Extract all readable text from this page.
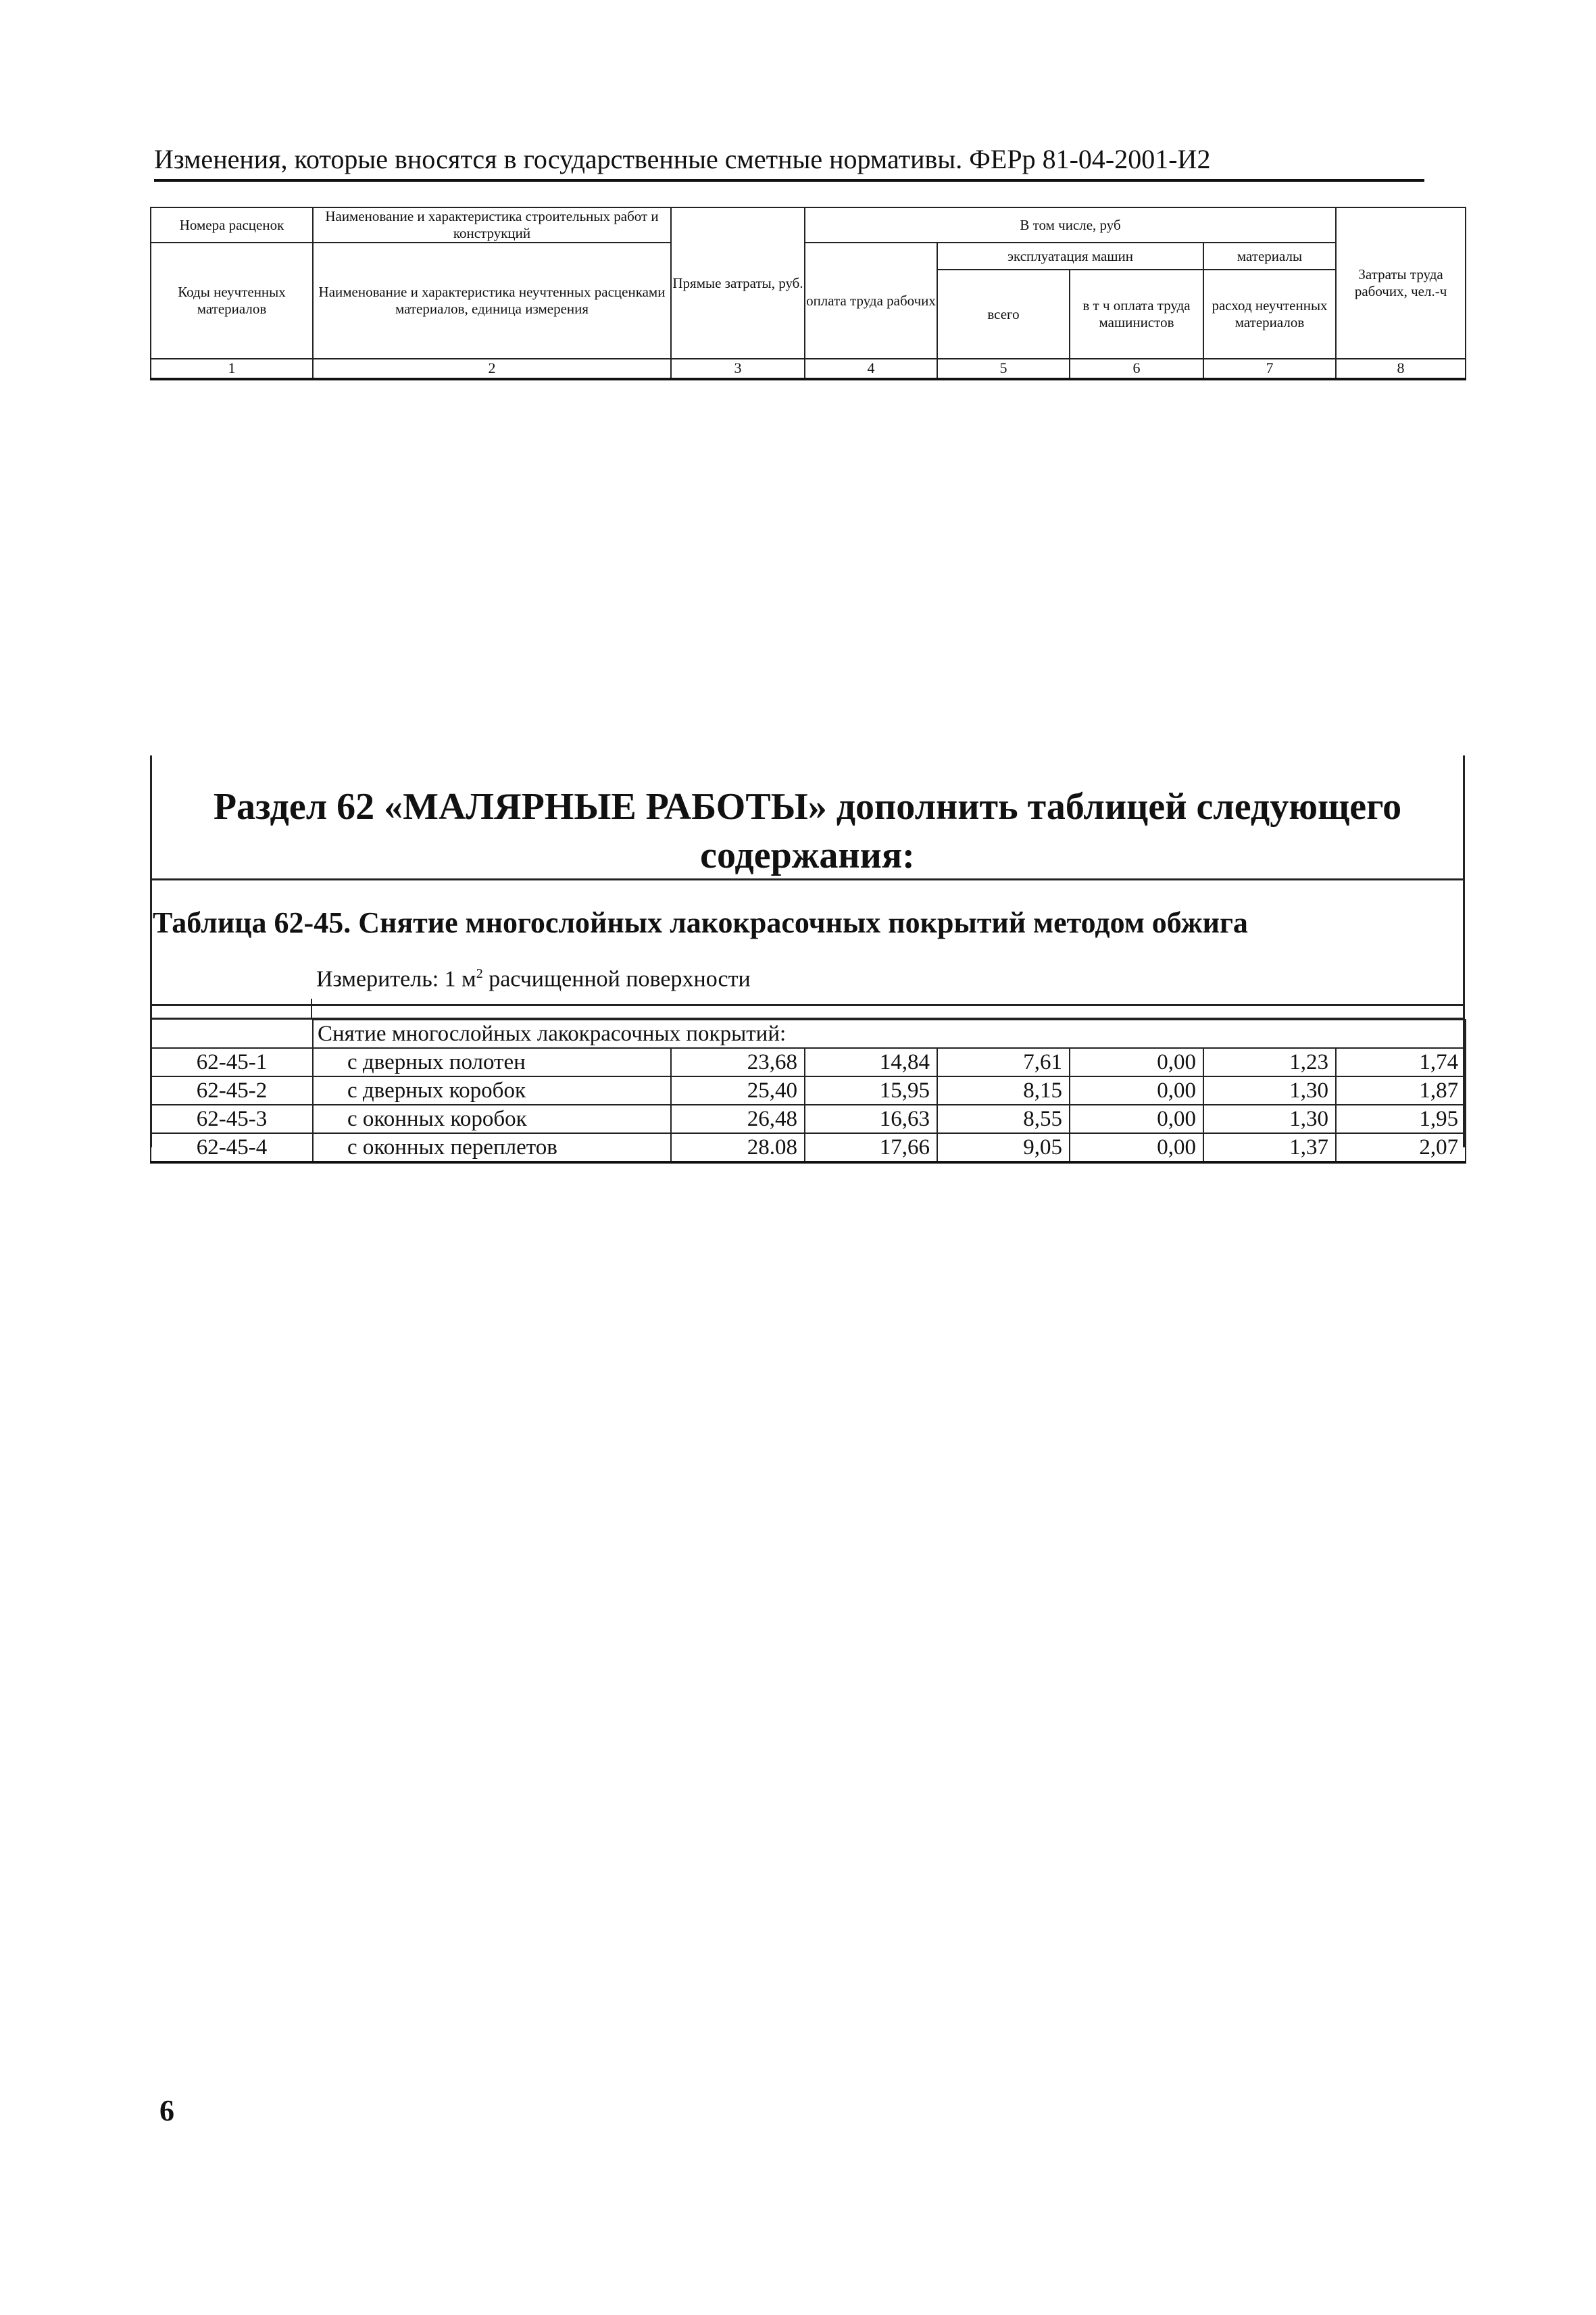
Изменения, которые вносятся в государственные сметные нормативы. ФЕРр 81-04-2001-И2
Номера расценок	Наименование и характеристика строительных работ и конструкций	Прямые затраты, руб.	В том числе, руб				Затраты труда рабочих, чел.-ч
Коды неучтенных материалов	Наименование и характеристика неучтенных расценками материалов, единица измерения		оплата труда рабочих	эксплуатация машин		материалы	
				всего	в т ч оплата труда машинистов	расход неучтенных материалов	
1	2	3	4	5	6	7	8
Раздел 62 «МАЛЯРНЫЕ РАБОТЫ» дополнить таблицей следующего содержания:
Таблица 62-45. Снятие многослойных лакокрасочных покрытий методом обжига
Измеритель: 1 $м^2$ расчищенной поверхности
	Снятие многослойных лакокрасочных покрытий:						
62-45-1	с дверных полотен	23,68	14,84	7,61	0,00	1,23	1,74
62-45-2	с дверных коробок	25,40	15,95	8,15	0,00	1,30	1,87
62-45-3	с оконных коробок	26,48	16,63	8,55	0,00	1,30	1,95
62-45-4	с оконных переплетов	28.08	17,66	9,05	0,00	1,37	2,07
6
